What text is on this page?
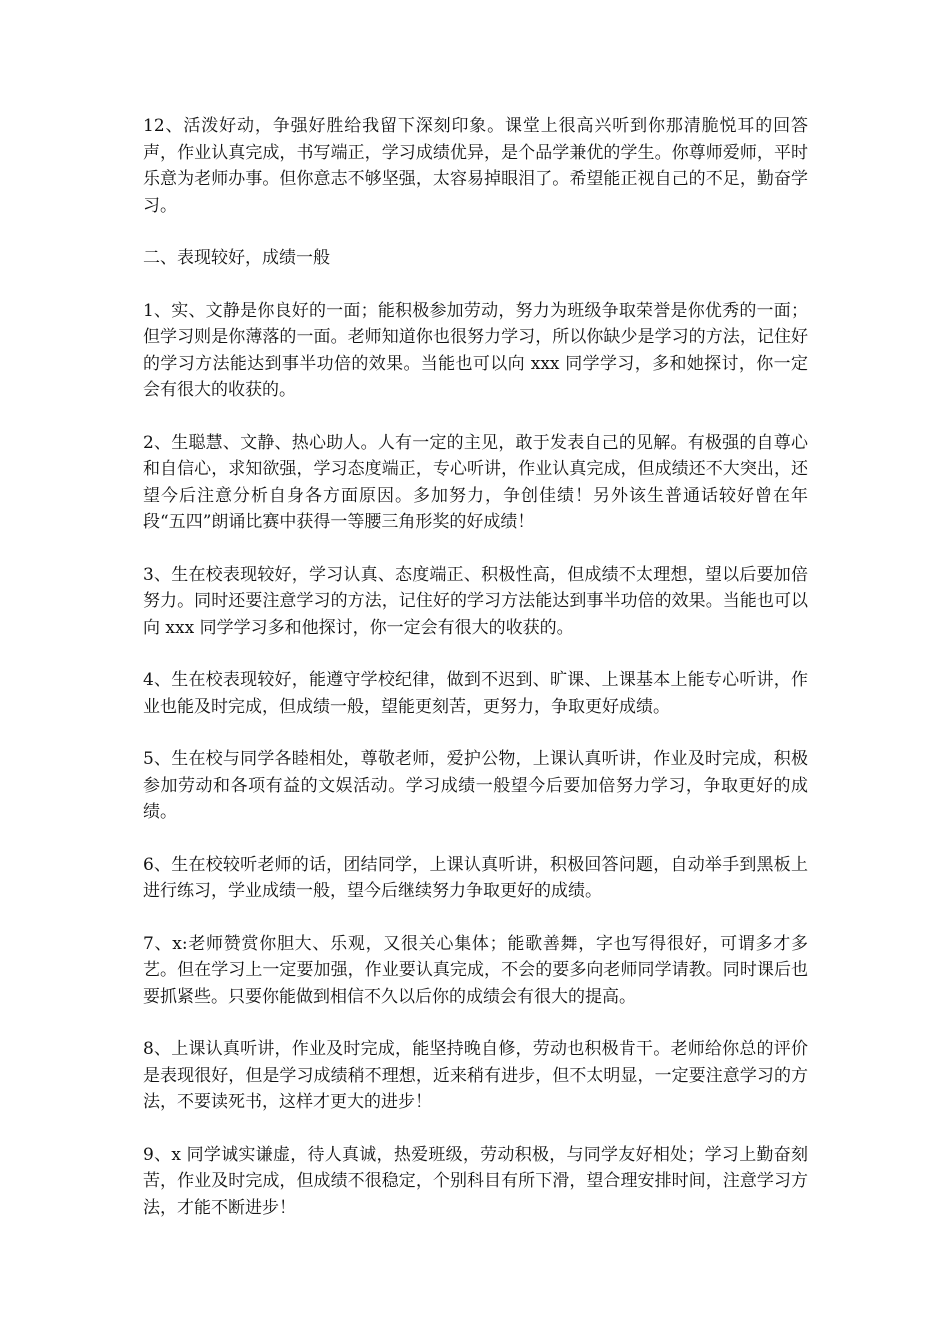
12、活泼好动，争强好胜给我留下深刻印象。课堂上很高兴听到你那清脆悦耳的回答声，作业认真完成，书写端正，学习成绩优异，是个品学兼优的学生。你尊师爱师，平时乐意为老师办事。但你意志不够坚强，太容易掉眼泪了。希望能正视自己的不足，勤奋学习。

二、表现较好，成绩一般

1、实、文静是你良好的一面；能积极参加劳动，努力为班级争取荣誉是你优秀的一面；但学习则是你薄落的一面。老师知道你也很努力学习，所以你缺少是学习的方法，记住好的学习方法能达到事半功倍的效果。当能也可以向 xxx 同学学习，多和她探讨，你一定会有很大的收获的。

2、生聪慧、文静、热心助人。人有一定的主见，敢于发表自己的见解。有极强的自尊心和自信心，求知欲强，学习态度端正，专心听讲，作业认真完成，但成绩还不大突出，还望今后注意分析自身各方面原因。多加努力，争创佳绩！另外该生普通话较好曾在年段“五四”朗诵比赛中获得一等腰三角形奖的好成绩！

3、生在校表现较好，学习认真、态度端正、积极性高，但成绩不太理想，望以后要加倍努力。同时还要注意学习的方法，记住好的学习方法能达到事半功倍的效果。当能也可以向 xxx 同学学习多和他探讨，你一定会有很大的收获的。

4、生在校表现较好，能遵守学校纪律，做到不迟到、旷课、上课基本上能专心听讲，作业也能及时完成，但成绩一般，望能更刻苦，更努力，争取更好成绩。

5、生在校与同学各睦相处，尊敬老师，爱护公物，上课认真听讲，作业及时完成，积极参加劳动和各项有益的文娱活动。学习成绩一般望今后要加倍努力学习，争取更好的成绩。

6、生在校较听老师的话，团结同学，上课认真听讲，积极回答问题，自动举手到黑板上进行练习，学业成绩一般，望今后继续努力争取更好的成绩。

7、x:老师赞赏你胆大、乐观，又很关心集体；能歌善舞，字也写得很好，可谓多才多艺。但在学习上一定要加强，作业要认真完成，不会的要多向老师同学请教。同时课后也要抓紧些。只要你能做到相信不久以后你的成绩会有很大的提高。

8、上课认真听讲，作业及时完成，能坚持晚自修，劳动也积极肯干。老师给你总的评价是表现很好，但是学习成绩稍不理想，近来稍有进步，但不太明显，一定要注意学习的方法，不要读死书，这样才更大的进步！

9、x 同学诚实谦虚，待人真诚，热爱班级，劳动积极，与同学友好相处；学习上勤奋刻苦，作业及时完成，但成绩不很稳定，个别科目有所下滑，望合理安排时间，注意学习方法，才能不断进步！
